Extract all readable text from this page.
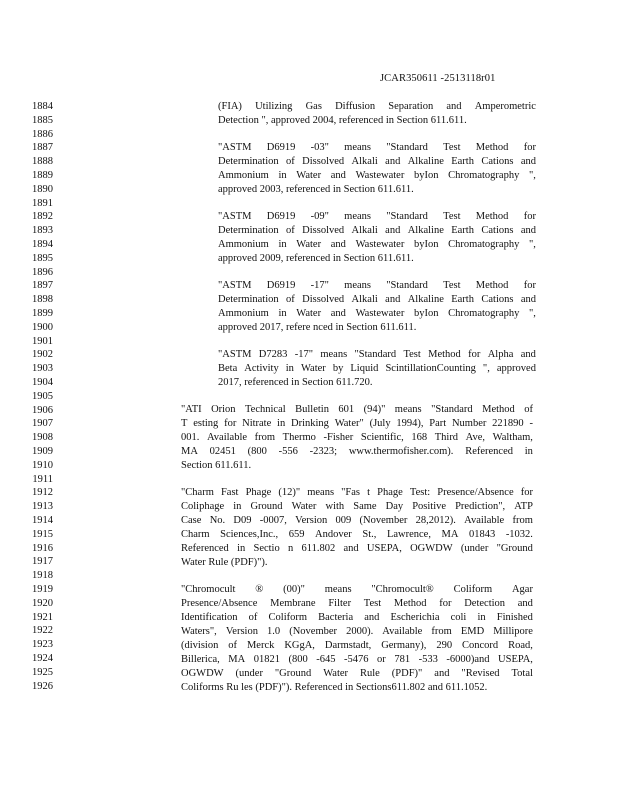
JCAR350611 -2513118r01
1884
1885
1886
1887
1888
1889
1890
1891
1892
1893
1894
1895
1896
1897
1898
1899
1900
1901
1902
1903
1904
1905
1906
1907
1908
1909
1910
1911
1912
1913
1914
1915
1916
1917
1918
1919
1920
1921
1922
1923
1924
1925
1926
(FIA) Utilizing Gas Diffusion Separation and Amperometric
Detection ", approved 2004, referenced in Section 611.611.
"ASTM D6919 -03" means "Standard Test Method for
Determination of Dissolved Alkali and Alkaline Earth Cations and
Ammonium in Water and Wastewater byIon Chromatography ",
approved 2003, referenced in Section 611.611.
"ASTM D6919 -09" means "Standard Test Method for
Determination of Dissolved Alkali and Alkaline Earth Cations and
Ammonium in Water and Wastewater byIon Chromatography ",
approved 2009, referenced in Section 611.611.
"ASTM D6919 -17" means "Standard Test Method for
Determination of Dissolved Alkali and Alkaline Earth Cations and
Ammonium in Water and Wastewater byIon Chromatography ",
approved 2017, refere nced in Section 611.611.
"ASTM D7283 -17" means "Standard Test Method for Alpha and
Beta Activity in Water by Liquid ScintillationCounting ", approved
2017, referenced in Section 611.720.
"ATI Orion Technical Bulletin 601 (94)" means "Standard Method of
T esting for Nitrate in Drinking Water" (July 1994), Part Number 221890 -
001. Available from Thermo -Fisher Scientific, 168 Third Ave, Waltham,
MA 02451 (800 -556 -2323; www.thermofisher.com). Referenced in
Section 611.611.
"Charm Fast Phage (12)" means "Fas t Phage Test: Presence/Absence for
Coliphage in Ground Water with Same Day Positive Prediction", ATP
Case No. D09 -0007, Version 009 (November 28,2012). Available from
Charm Sciences,Inc., 659 Andover St., Lawrence, MA 01843 -1032.
Referenced in Sectio n 611.802 and USEPA, OGWDW (under "Ground
Water Rule (PDF)").
"Chromocult ® (00)" means "Chromocult® Coliform Agar
Presence/Absence Membrane Filter Test Method for Detection and
Identification of Coliform Bacteria and Escherichia coli in Finished
Waters", Version 1.0 (November 2000). Available from EMD Millipore
(division of Merck KGgA, Darmstadt, Germany), 290 Concord Road,
Billerica, MA 01821 (800 -645 -5476 or 781 -533 -6000)and USEPA,
OGWDW (under "Ground Water Rule (PDF)" and "Revised Total
Coliforms Ru les (PDF)"). Referenced in Sections611.802 and 611.1052.
